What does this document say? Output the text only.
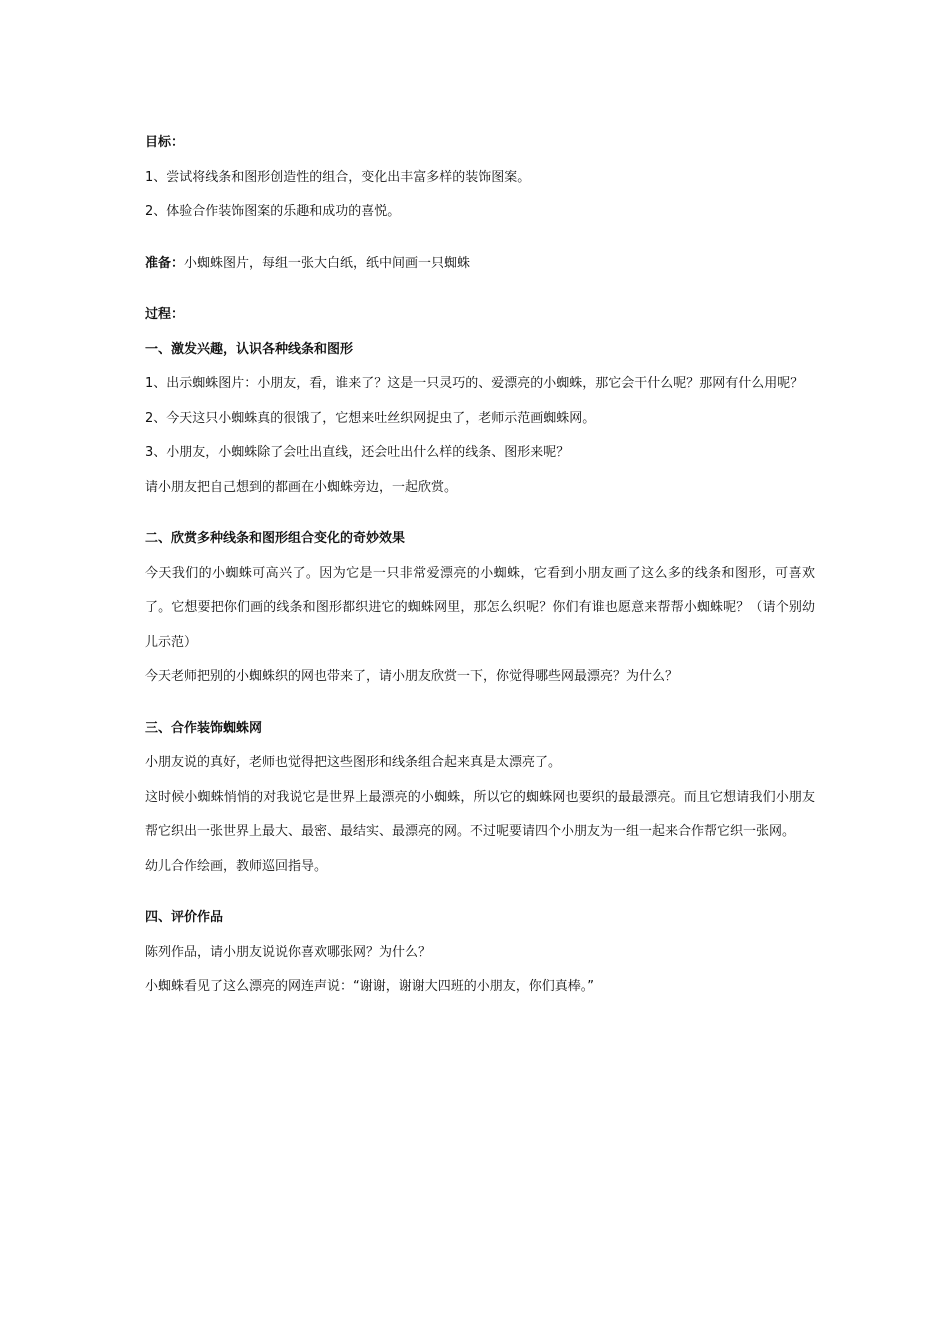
目标：
1、尝试将线条和图形创造性的组合，变化出丰富多样的装饰图案。
2、体验合作装饰图案的乐趣和成功的喜悦。
准备：小蜘蛛图片，每组一张大白纸，纸中间画一只蜘蛛
过程：
一、激发兴趣，认识各种线条和图形
1、出示蜘蛛图片：小朋友，看，谁来了？这是一只灵巧的、爱漂亮的小蜘蛛，那它会干什么呢？那网有什么用呢？
2、今天这只小蜘蛛真的很饿了，它想来吐丝织网捉虫了，老师示范画蜘蛛网。
3、小朋友，小蜘蛛除了会吐出直线，还会吐出什么样的线条、图形来呢？
请小朋友把自己想到的都画在小蜘蛛旁边，一起欣赏。
二、欣赏多种线条和图形组合变化的奇妙效果
今天我们的小蜘蛛可高兴了。因为它是一只非常爱漂亮的小蜘蛛，它看到小朋友画了这么多的线条和图形，可喜欢了。它想要把你们画的线条和图形都织进它的蜘蛛网里，那怎么织呢？你们有谁也愿意来帮帮小蜘蛛呢？（请个别幼儿示范）
今天老师把别的小蜘蛛织的网也带来了，请小朋友欣赏一下，你觉得哪些网最漂亮？为什么？
三、合作装饰蜘蛛网
小朋友说的真好，老师也觉得把这些图形和线条组合起来真是太漂亮了。
这时候小蜘蛛悄悄的对我说它是世界上最漂亮的小蜘蛛，所以它的蜘蛛网也要织的最最漂亮。而且它想请我们小朋友帮它织出一张世界上最大、最密、最结实、最漂亮的网。不过呢要请四个小朋友为一组一起来合作帮它织一张网。
幼儿合作绘画，教师巡回指导。
四、评价作品
陈列作品，请小朋友说说你喜欢哪张网？为什么？
小蜘蛛看见了这么漂亮的网连声说：“谢谢，谢谢大四班的小朋友，你们真棒。”
